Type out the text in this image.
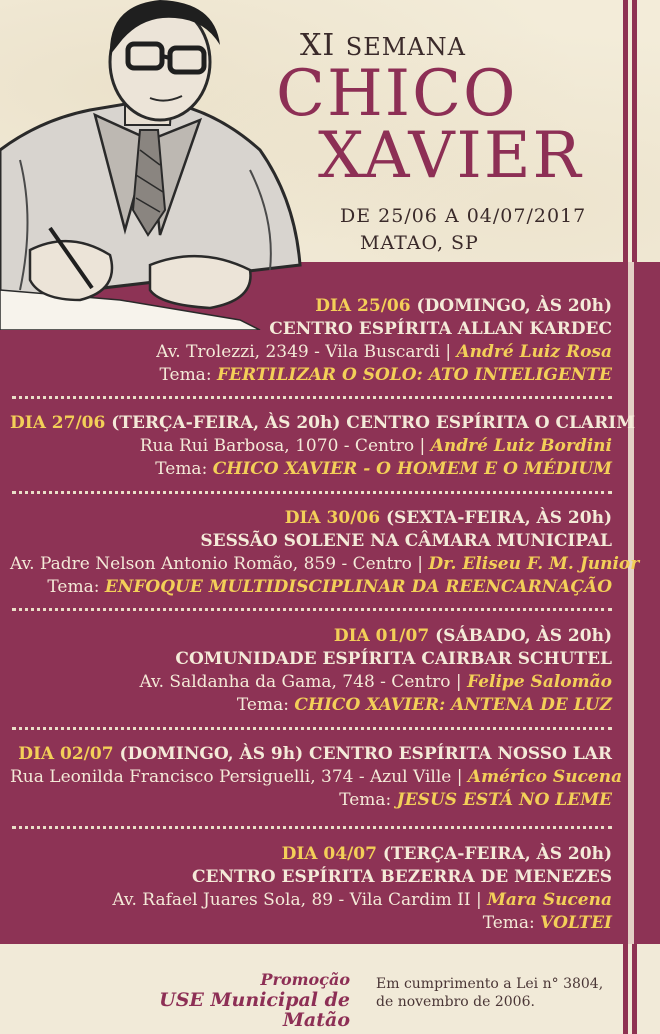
XI SEMANA
CHICO
XAVIER
DE 25/06 A 04/07/2017
MATAO, SP
DIA 25/06 (DOMINGO, ÀS 20h)
CENTRO ESPÍRITA ALLAN KARDEC
Av. Trolezzi, 2349 - Vila Buscardi | André Luiz Rosa
Tema: FERTILIZAR O SOLO: ATO INTELIGENTE
DIA 27/06 (TERÇA-FEIRA, ÀS 20h) CENTRO ESPÍRITA O CLARIM
Rua Rui Barbosa, 1070 - Centro | André Luiz Bordini
Tema: CHICO XAVIER - O HOMEM E O MÉDIUM
DIA 30/06 (SEXTA-FEIRA, ÀS 20h)
SESSÃO SOLENE NA CÂMARA MUNICIPAL
Av. Padre Nelson Antonio Romão, 859 - Centro | Dr. Eliseu F. M. Junior
Tema: ENFOQUE MULTIDISCIPLINAR DA REENCARNAÇÃO
DIA 01/07 (SÁBADO, ÀS 20h)
COMUNIDADE ESPÍRITA CAIRBAR SCHUTEL
Av. Saldanha da Gama, 748 - Centro | Felipe Salomão
Tema: CHICO XAVIER: ANTENA DE LUZ
DIA 02/07 (DOMINGO, ÀS 9h) CENTRO ESPÍRITA NOSSO LAR
Rua Leonilda Francisco Persiguelli, 374 - Azul Ville | Américo Sucena
Tema: JESUS ESTÁ NO LEME
DIA 04/07 (TERÇA-FEIRA, ÀS 20h)
CENTRO ESPÍRITA BEZERRA DE MENEZES
Av. Rafael Juares Sola, 89 - Vila Cardim II | Mara Sucena
Tema: VOLTEI
Promoção
USE Municipal de Matão
Em cumprimento a Lei n° 3804,
de novembro de 2006.
